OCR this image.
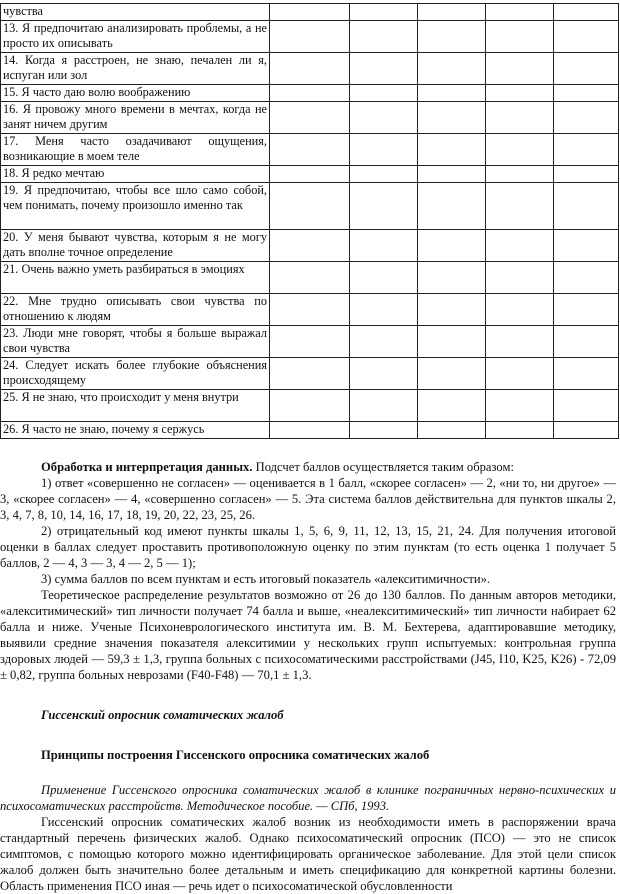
чувства					
13. Я предпочитаю анализировать проблемы, а не просто их описывать					
14. Когда я расстроен, не знаю, печален ли я, испуган или зол					
15. Я часто даю волю воображению					
16. Я провожу много времени в мечтах, когда не занят ничем другим					
17. Меня часто озадачивают ощущения, возникающие в моем теле					
18. Я редко мечтаю					
19. Я предпочитаю, чтобы все шло само собой, чем понимать, почему произошло именно так					
20. У меня бывают чувства, которым я не могу дать вполне точное определение					
21. Очень важно уметь разбираться в эмоциях					
22. Мне трудно описывать свои чувства по отношению к людям					
23. Люди мне говорят, чтобы я больше выражал свои чувства					
24. Следует искать более глубокие объяснения происходящему					
25. Я не знаю, что происходит у меня внутри					
26. Я часто не знаю, почему я сержусь					

Обработка и интерпретация данных. Подсчет баллов осуществляется таким образом:

1) ответ «совершенно не согласен» — оценивается в 1 балл, «скорее согласен» — 2, «ни то, ни другое» — 3, «скорее согласен» — 4, «совершенно согласен» — 5. Эта система баллов действительна для пунктов шкалы 2, 3, 4, 7, 8, 10, 14, 16, 17, 18, 19, 20, 22, 23, 25, 26.

2) отрицательный код имеют пункты шкалы 1, 5, 6, 9, 11, 12, 13, 15, 21, 24. Для получения итоговой оценки в баллах следует проставить противоположную оценку по этим пунктам (то есть оценка 1 получает 5 баллов, 2 — 4, 3 — 3, 4 — 2, 5 — 1);

3) сумма баллов по всем пунктам и есть итоговый показатель «алекситимичности».

Теоретическое распределение результатов возможно от 26 до 130 баллов. По данным авторов методики, «алекситимический» тип личности получает 74 балла и выше, «неалекситимический» тип личности набирает 62 балла и ниже. Ученые Психоневрологического института им. В. М. Бехтерева, адаптировавшие методику, выявили средние значения показателя алекситимии у нескольких групп испытуемых: контрольная группа здоровых людей — 59,3 ± 1,3, группа больных с психосоматическими расстройствами (J45, I10, K25, K26) - 72,09 ± 0,82, группа больных неврозами (F40-F48) — 70,1 ± 1,3.

Гиссенский опросник соматических жалоб

Принципы построения Гиссенского опросника соматических жалоб

Применение Гиссенского опросника соматических жалоб в клинике пограничных нервно-психических и психосоматических расстройств. Методическое пособие. — СПб, 1993.

Гиссенский опросник соматических жалоб возник из необходимости иметь в распоряжении врача стандартный перечень физических жалоб. Однако психосоматический опросник (ПСО) — это не список симптомов, с помощью которого можно идентифицировать органическое заболевание. Для этой цели список жалоб должен быть значительно более детальным и иметь спецификацию для конкретной картины болезни. Область применения ПСО иная — речь идет о психосоматической обусловленности
